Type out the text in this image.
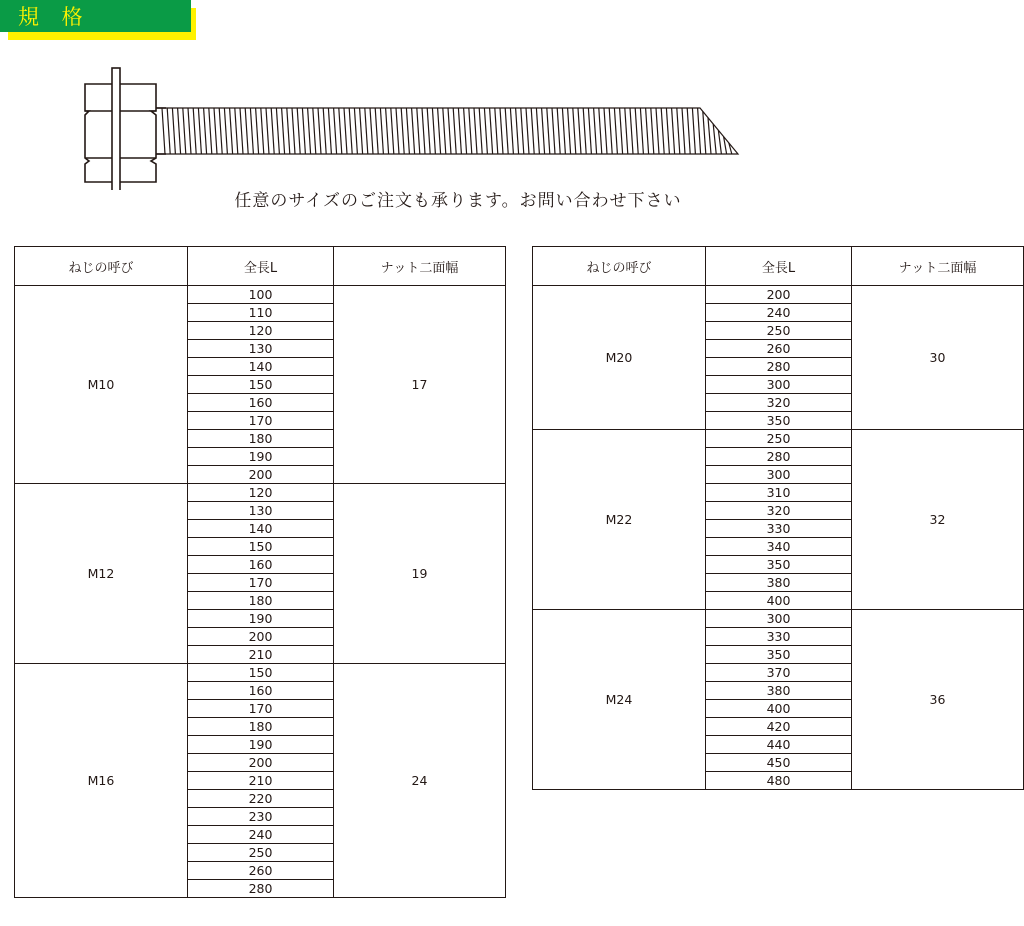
規 格
任意のサイズのご注文も承ります。お問い合わせ下さい
ねじの呼び	全長L	ナット二面幅
M10	100	17
	110	
	120	
	130	
	140	
	150	
	160	
	170	
	180	
	190	
	200	
M12	120	19
	130	
	140	
	150	
	160	
	170	
	180	
	190	
	200	
	210	
M16	150	24
	160	
	170	
	180	
	190	
	200	
	210	
	220	
	230	
	240	
	250	
	260	
	280	
ねじの呼び	全長L	ナット二面幅
M20	200	30
	240	
	250	
	260	
	280	
	300	
	320	
	350	
M22	250	32
	280	
	300	
	310	
	320	
	330	
	340	
	350	
	380	
	400	
M24	300	36
	330	
	350	
	370	
	380	
	400	
	420	
	440	
	450	
	480	
